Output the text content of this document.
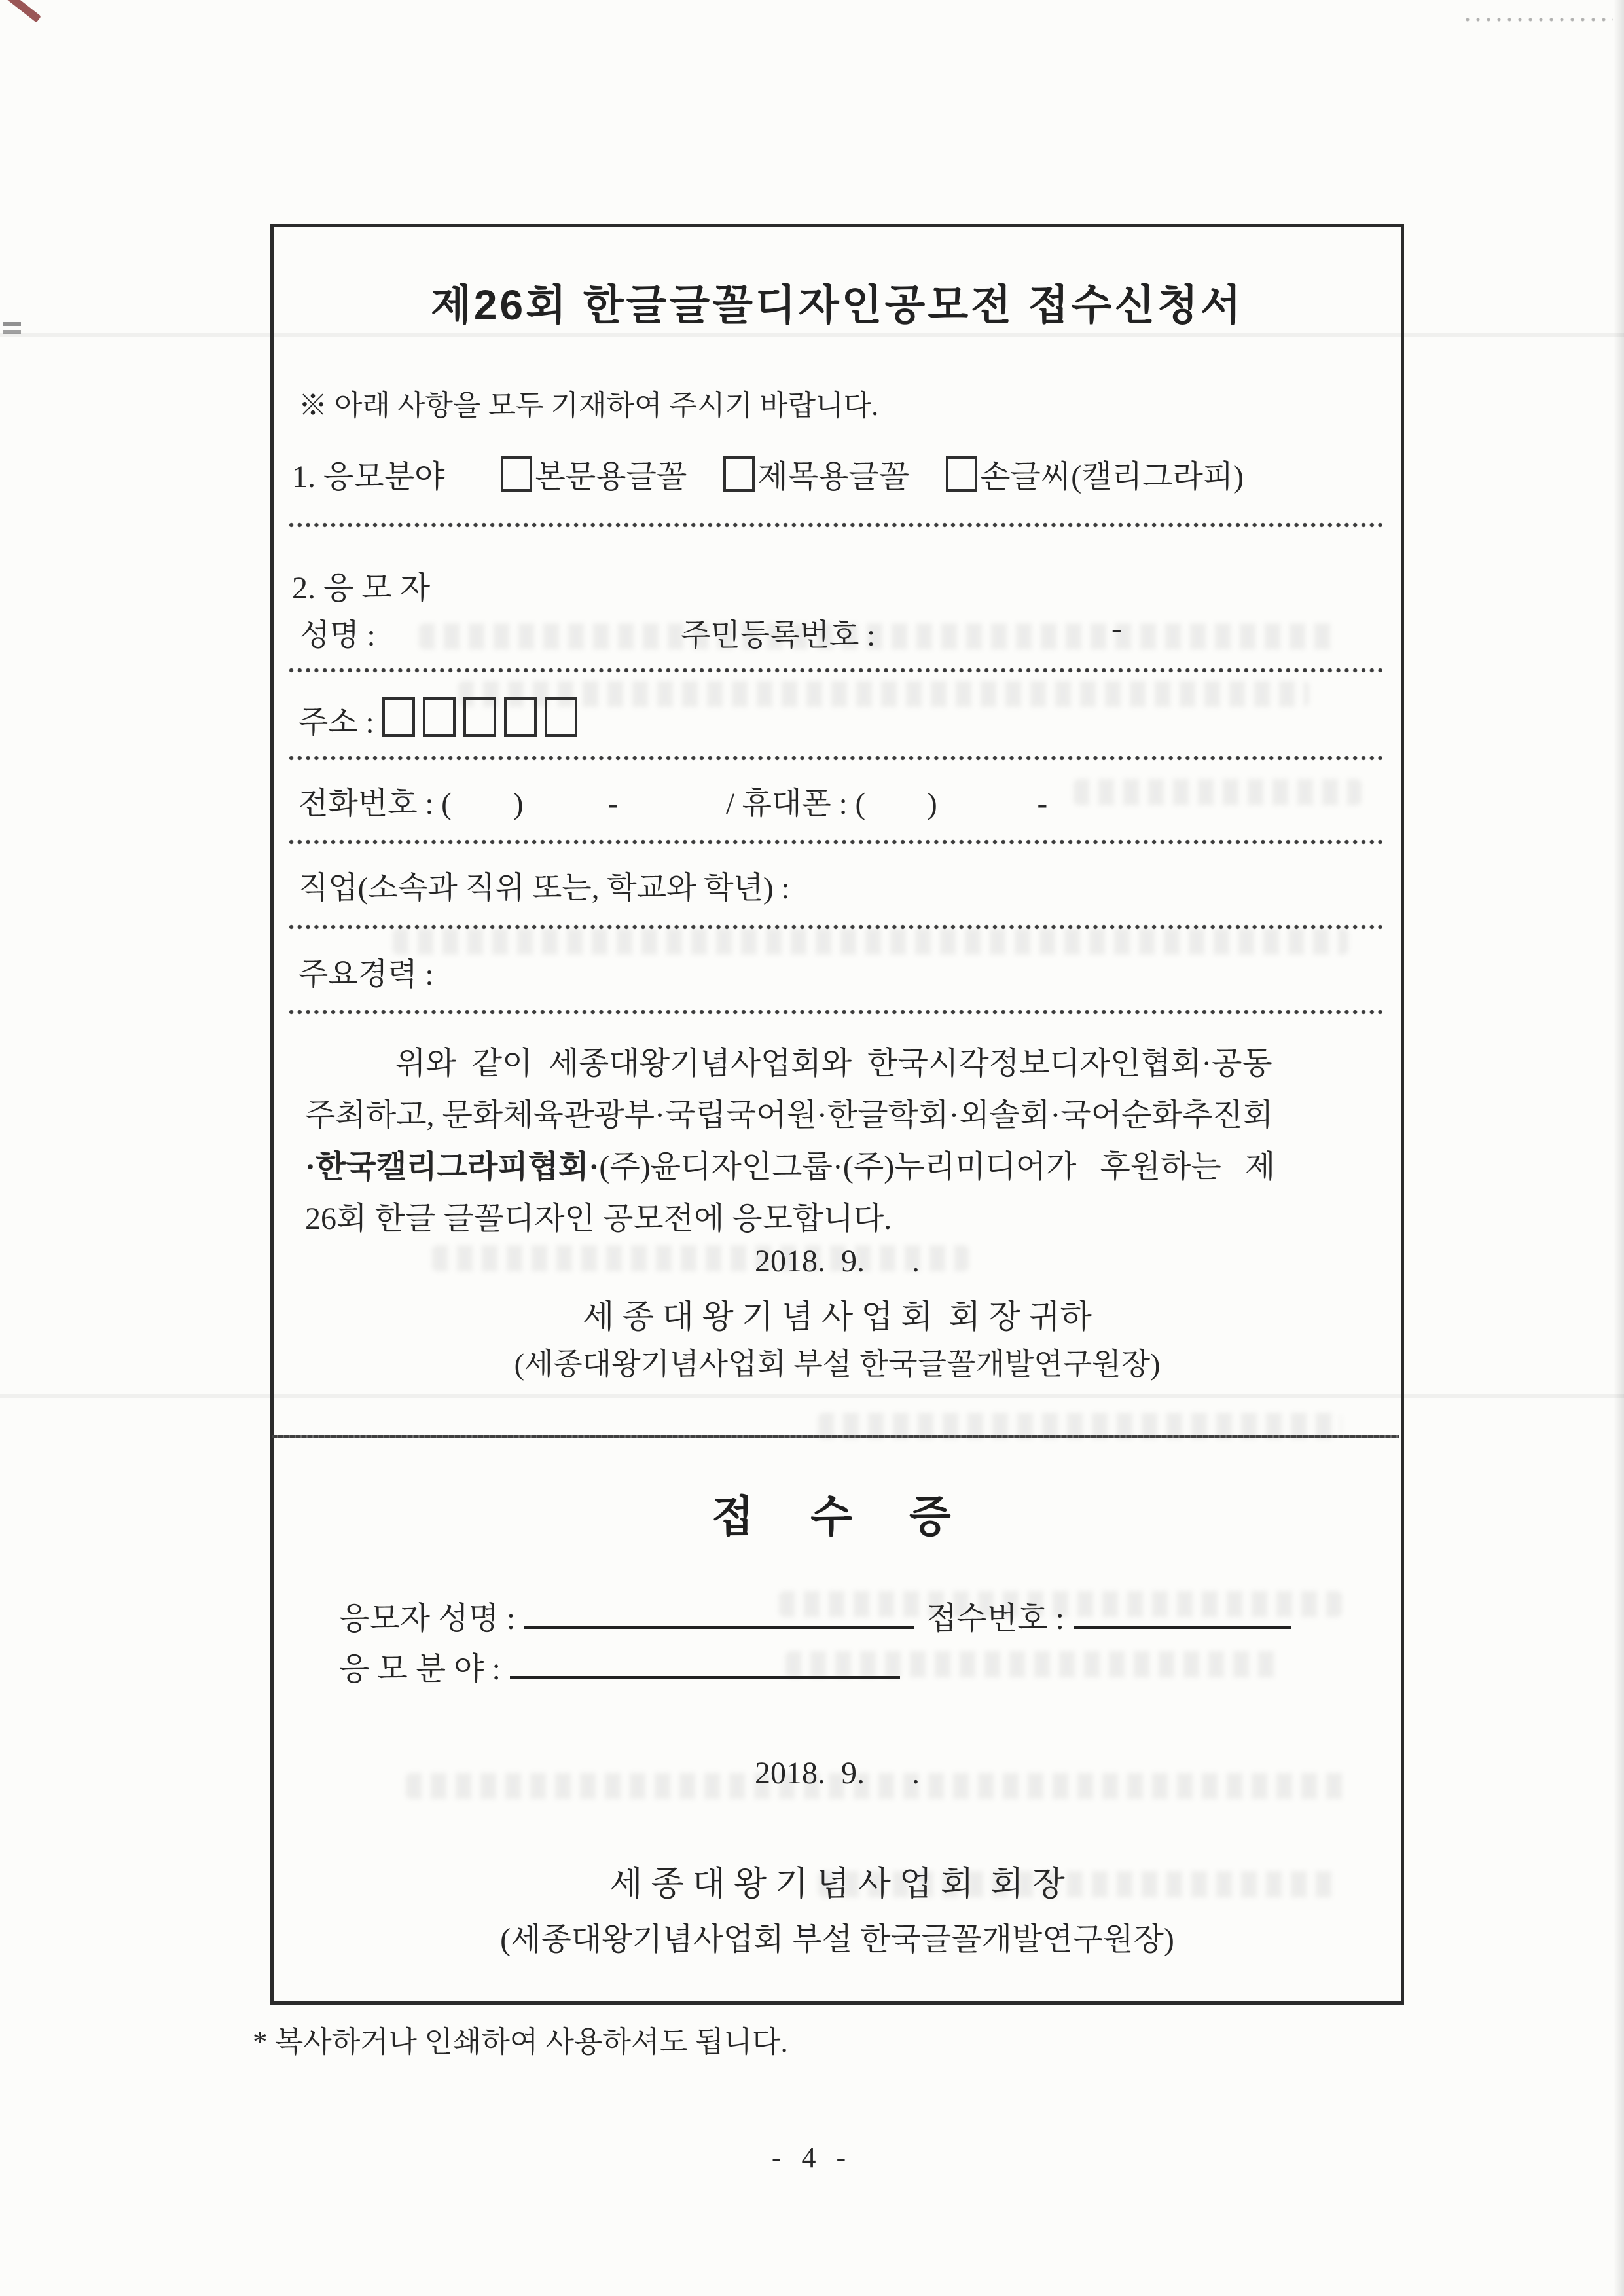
제26회 한글글꼴디자인공모전 접수신청서
※ 아래 사항을 모두 기재하여 주시기 바랍니다.
1. 응모분야	본문용글꼴 제목용글꼴 손글씨(캘리그라피)
2. 응 모 자
성명 :	주민등록번호 :	-
주소 :
전화번호 : (        )           -              / 휴대폰 : (        )             -
직업(소속과 직위 또는, 학교와 학년) :
주요경력 :
위와  같이  세종대왕기념사업회와  한국시각정보디자인협회·공동
주최하고, 문화체육관광부·국립국어원·한글학회·외솔회·국어순화추진회
·한국캘리그라피협회·(주)윤디자인그룹·(주)누리미디어가   후원하는   제
26회 한글 글꼴디자인 공모전에 응모합니다.
2018.  9.      .
세 종 대 왕 기 념 사 업 회  회 장 귀하
(세종대왕기념사업회 부설 한국글꼴개발연구원장)
접  수  증
응모자 성명 :	접수번호 :
응 모 분 야 :
2018.  9.      .
세 종 대 왕 기 념 사 업 회  회 장
(세종대왕기념사업회 부설 한국글꼴개발연구원장)
* 복사하거나 인쇄하여 사용하셔도 됩니다.
- 4 -
